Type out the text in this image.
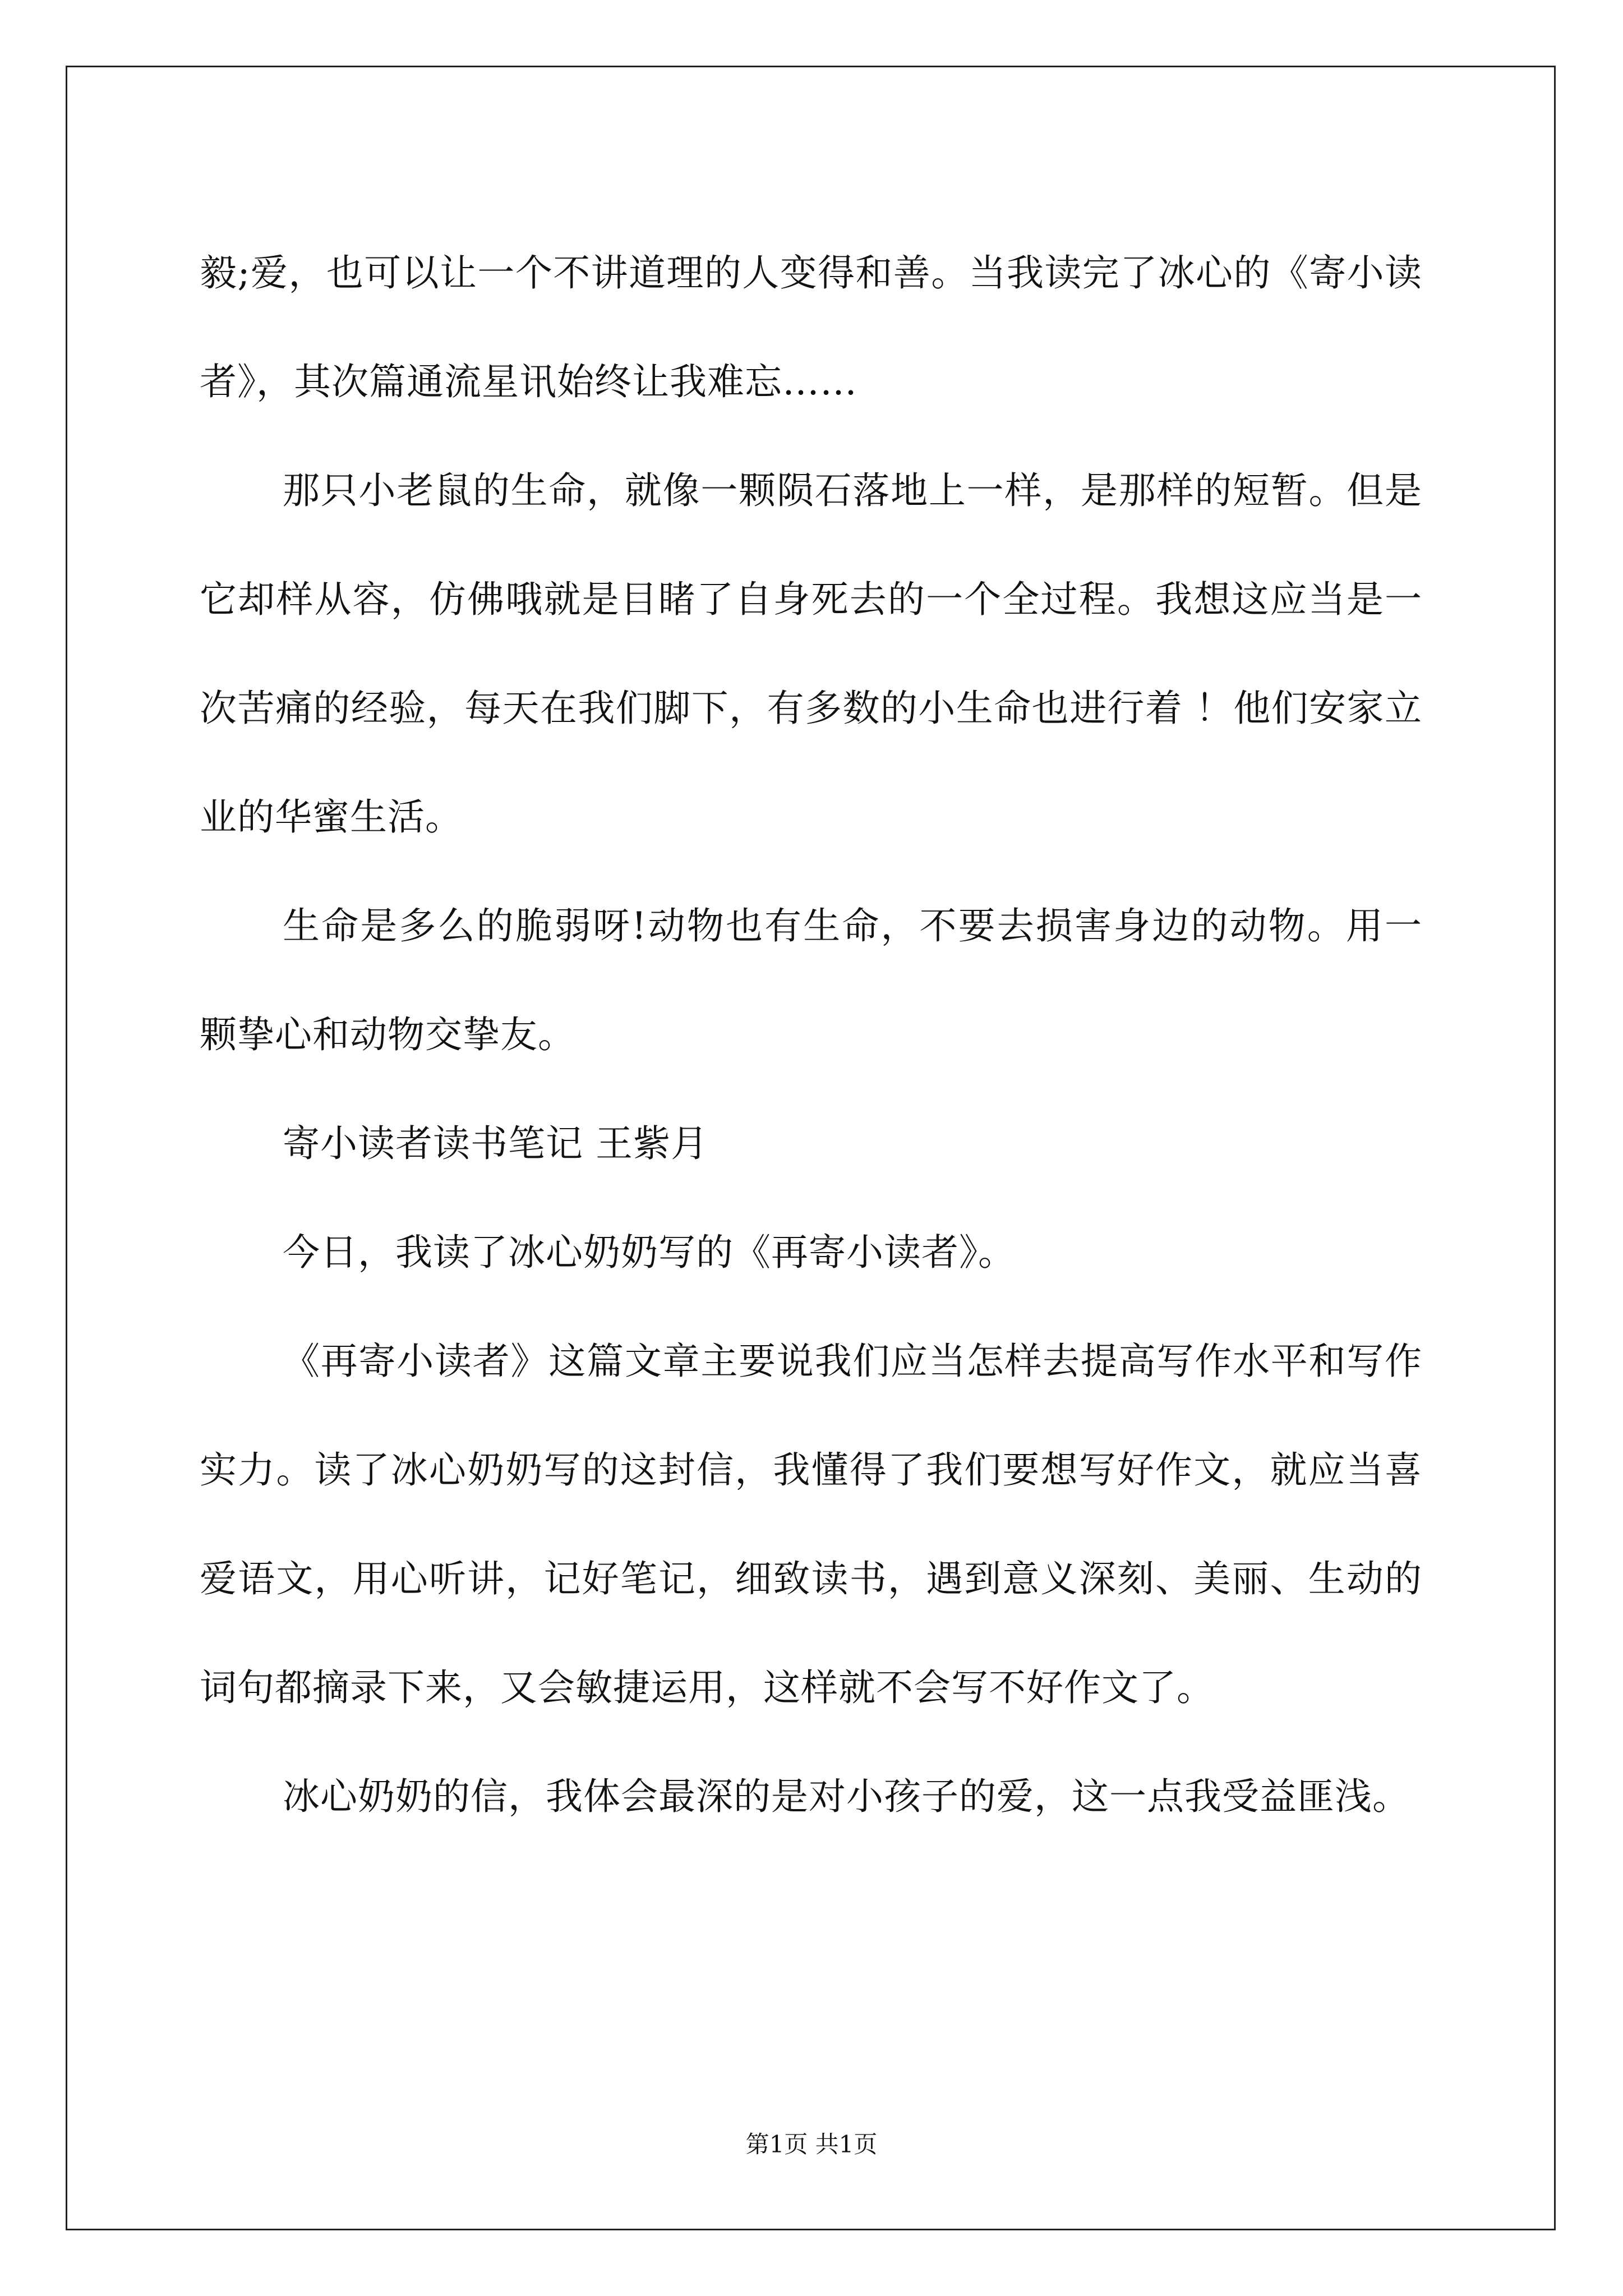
毅;爱，也可以让一个不讲道理的人变得和善。当我读完了冰心的《寄小读者》，其次篇通流星讯始终让我难忘……

那只小老鼠的生命，就像一颗陨石落地上一样，是那样的短暂。但是它却样从容，仿佛哦就是目睹了自身死去的一个全过程。我想这应当是一次苦痛的经验，每天在我们脚下，有多数的小生命也进行着 ！他们安家立业的华蜜生活。

生命是多么的脆弱呀!动物也有生命，不要去损害身边的动物。用一颗挚心和动物交挚友。

寄小读者读书笔记 王紫月

今日，我读了冰心奶奶写的《再寄小读者》。

《再寄小读者》这篇文章主要说我们应当怎样去提高写作水平和写作实力。读了冰心奶奶写的这封信，我懂得了我们要想写好作文，就应当喜爱语文，用心听讲，记好笔记，细致读书，遇到意义深刻、美丽、生动的词句都摘录下来，又会敏捷运用，这样就不会写不好作文了。

冰心奶奶的信，我体会最深的是对小孩子的爱，这一点我受益匪浅。

第1页 共1页
